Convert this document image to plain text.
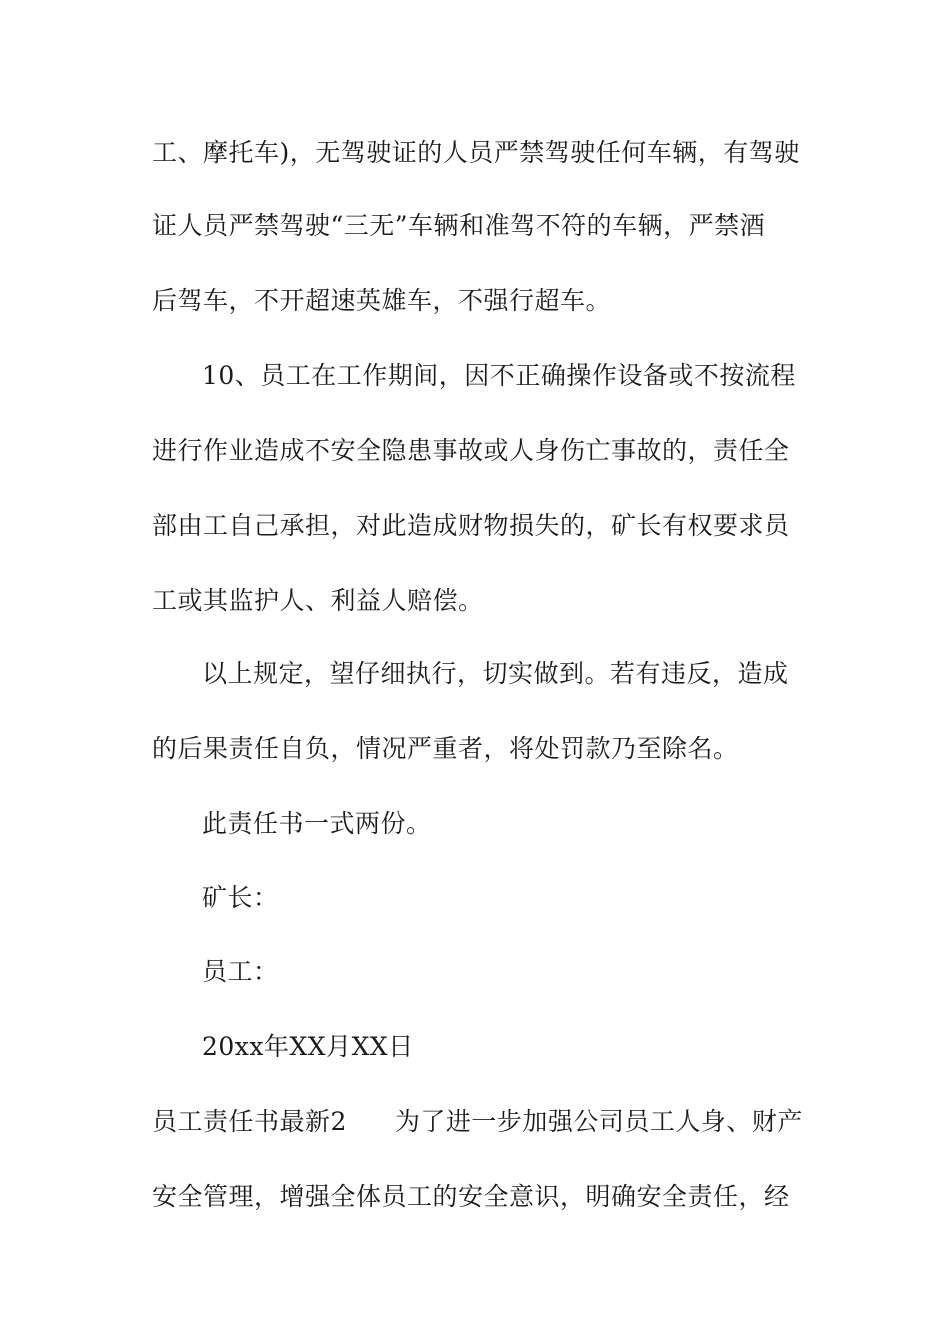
工、摩托车)，无驾驶证的人员严禁驾驶任何车辆，有驾驶
证人员严禁驾驶“三无”车辆和准驾不符的车辆，严禁酒
后驾车，不开超速英雄车，不强行超车。
10、员工在工作期间，因不正确操作设备或不按流程
进行作业造成不安全隐患事故或人身伤亡事故的，责任全
部由工自己承担，对此造成财物损失的，矿长有权要求员
工或其监护人、利益人赔偿。
以上规定，望仔细执行，切实做到。若有违反，造成
的后果责任自负，情况严重者，将处罚款乃至除名。
此责任书一式两份。
矿长：
员工：
20xx年XX月XX日
员工责任书最新2 为了进一步加强公司员工人身、财产
安全管理，增强全体员工的安全意识，明确安全责任，经
